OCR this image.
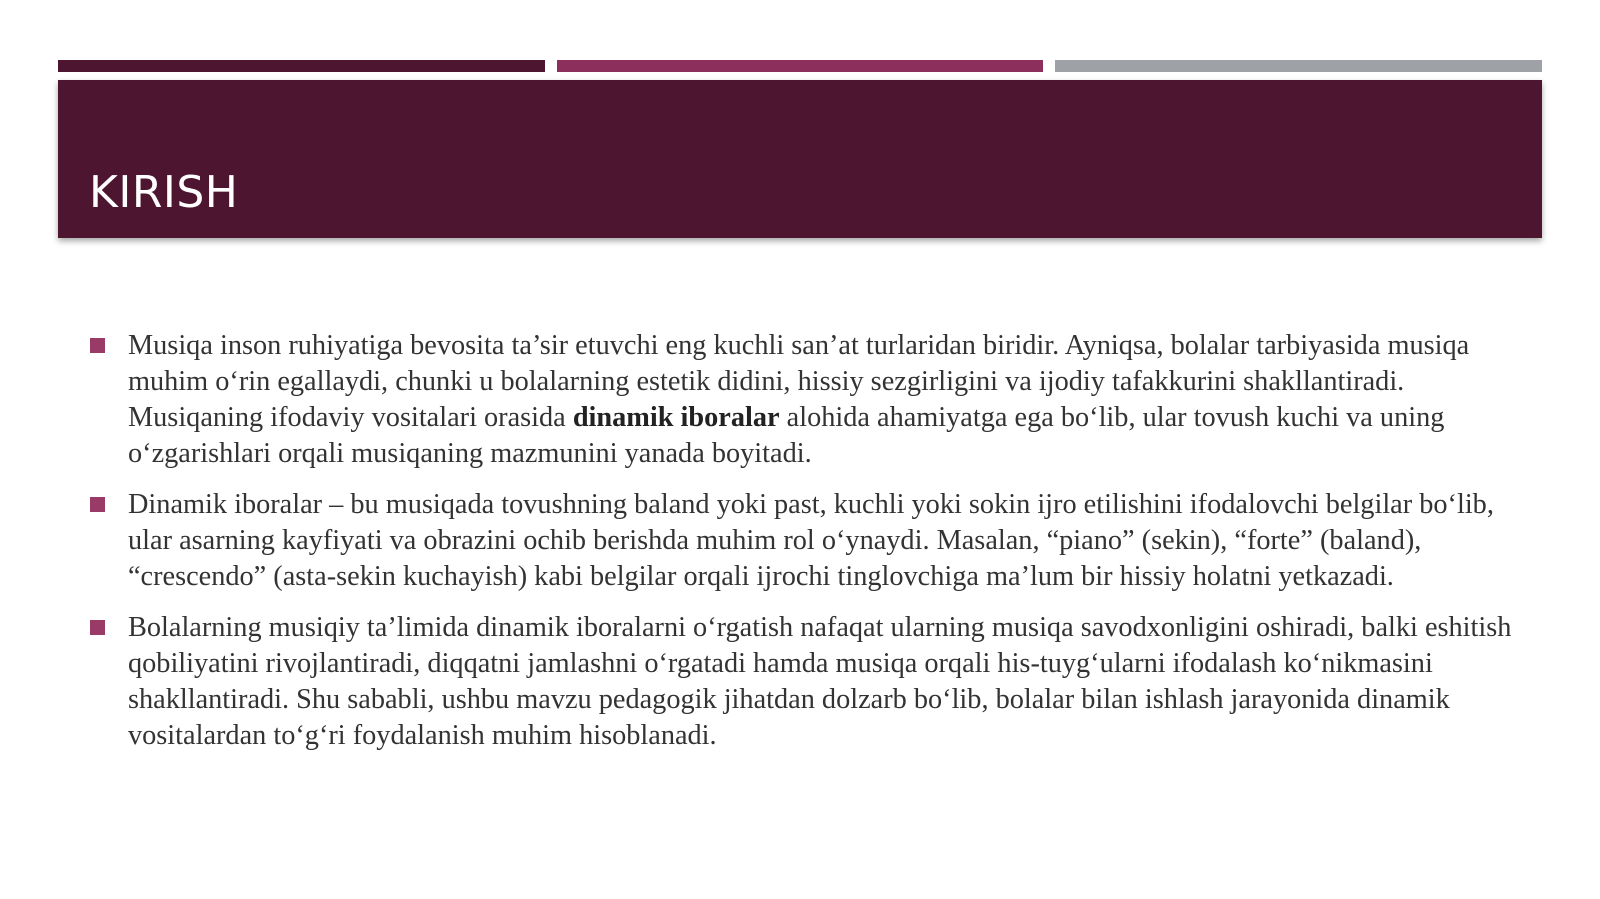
KIRISH
Musiqa inson ruhiyatiga bevosita ta’sir etuvchi eng kuchli san’at turlaridan biridir. Ayniqsa, bolalar tarbiyasida musiqa muhim o‘rin egallaydi, chunki u bolalarning estetik didini, hissiy sezgirligini va ijodiy tafakkurini shakllantiradi. Musiqaning ifodaviy vositalari orasida dinamik iboralar alohida ahamiyatga ega bo‘lib, ular tovush kuchi va uning o‘zgarishlari orqali musiqaning mazmunini yanada boyitadi.
Dinamik iboralar – bu musiqada tovushning baland yoki past, kuchli yoki sokin ijro etilishini ifodalovchi belgilar bo‘lib, ular asarning kayfiyati va obrazini ochib berishda muhim rol o‘ynaydi. Masalan, “piano” (sekin), “forte” (baland), “crescendo” (asta-sekin kuchayish) kabi belgilar orqali ijrochi tinglovchiga ma’lum bir hissiy holatni yetkazadi.
Bolalarning musiqiy ta’limida dinamik iboralarni o‘rgatish nafaqat ularning musiqa savodxonligini oshiradi, balki eshitish qobiliyatini rivojlantiradi, diqqatni jamlashni o‘rgatadi hamda musiqa orqali his-tuyg‘ularni ifodalash ko‘nikmasini shakllantiradi. Shu sababli, ushbu mavzu pedagogik jihatdan dolzarb bo‘lib, bolalar bilan ishlash jarayonida dinamik vositalardan to‘g‘ri foydalanish muhim hisoblanadi.
